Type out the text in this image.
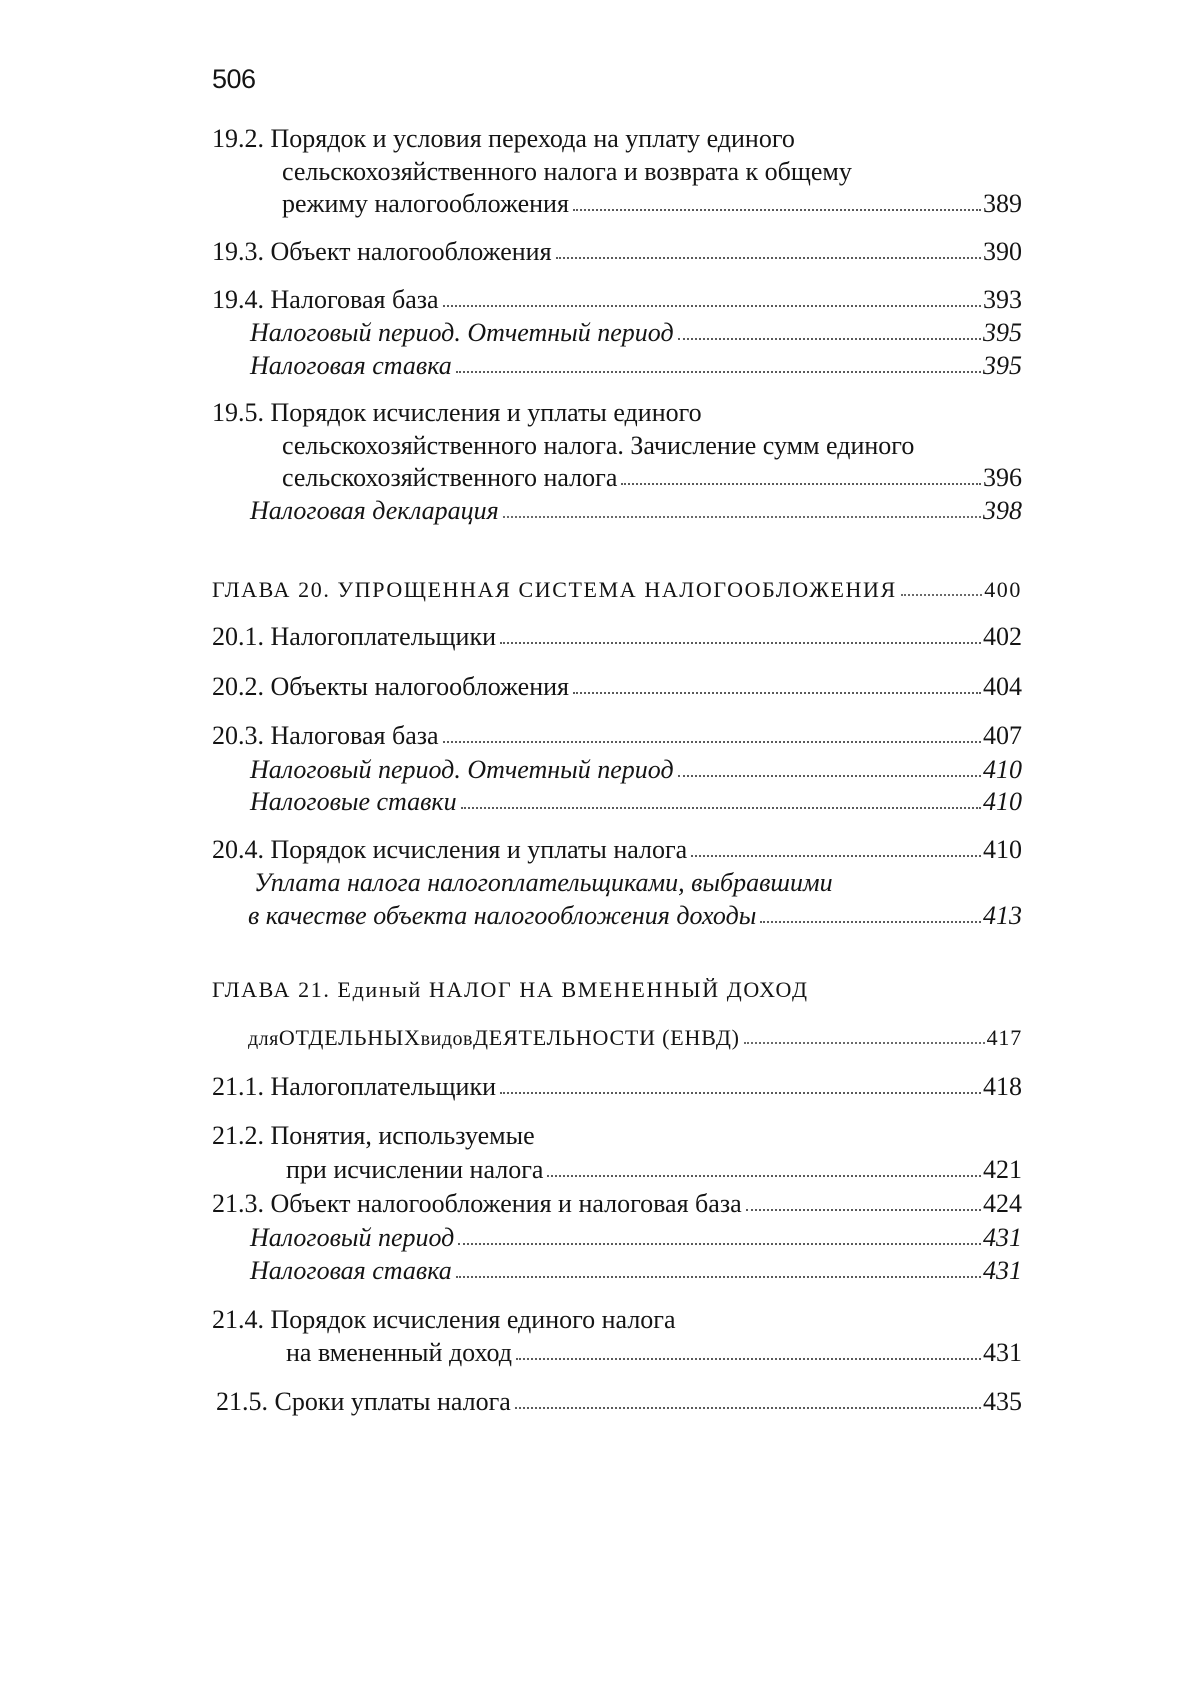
506
19.2. Порядок и условия перехода на уплату единого
сельскохозяйственного налога и возврата к общему
режиму налогообложения	389
19.3. Объект налогообложения	390
19.4. Налоговая база	393
Налоговый период. Отчетный период	395
Налоговая ставка	395
19.5. Порядок исчисления и уплаты единого
сельскохозяйственного налога. Зачисление сумм единого
сельскохозяйственного налога	396
Налоговая декларация	398
ГЛАВА 20. УПРОЩЕННАЯ СИСТЕМА НАЛОГООБЛОЖЕНИЯ	400
20.1. Налогоплательщики	402
20.2. Объекты налогообложения	404
20.3. Налоговая база	407
Налоговый период. Отчетный период	410
Налоговые ставки	410
20.4. Порядок исчисления и уплаты налога	410
Уплата налога налогоплательщиками, выбравшими
в качестве объекта налогообложения доходы	413
ГЛАВА 21. Единый НАЛОГ НА ВМЕНЕННЫЙ ДОХОД
дляОТДЕЛЬНЫХвидовДЕЯТЕЛЬНОСТИ (ЕНВД)	417
21.1. Налогоплательщики	418
21.2. Понятия, используемые
при исчислении налога	421
21.3. Объект налогообложения и налоговая база	424
Налоговый период	431
Налоговая ставка	431
21.4. Порядок исчисления единого налога
на вмененный доход	431
21.5. Сроки уплаты налога	435
